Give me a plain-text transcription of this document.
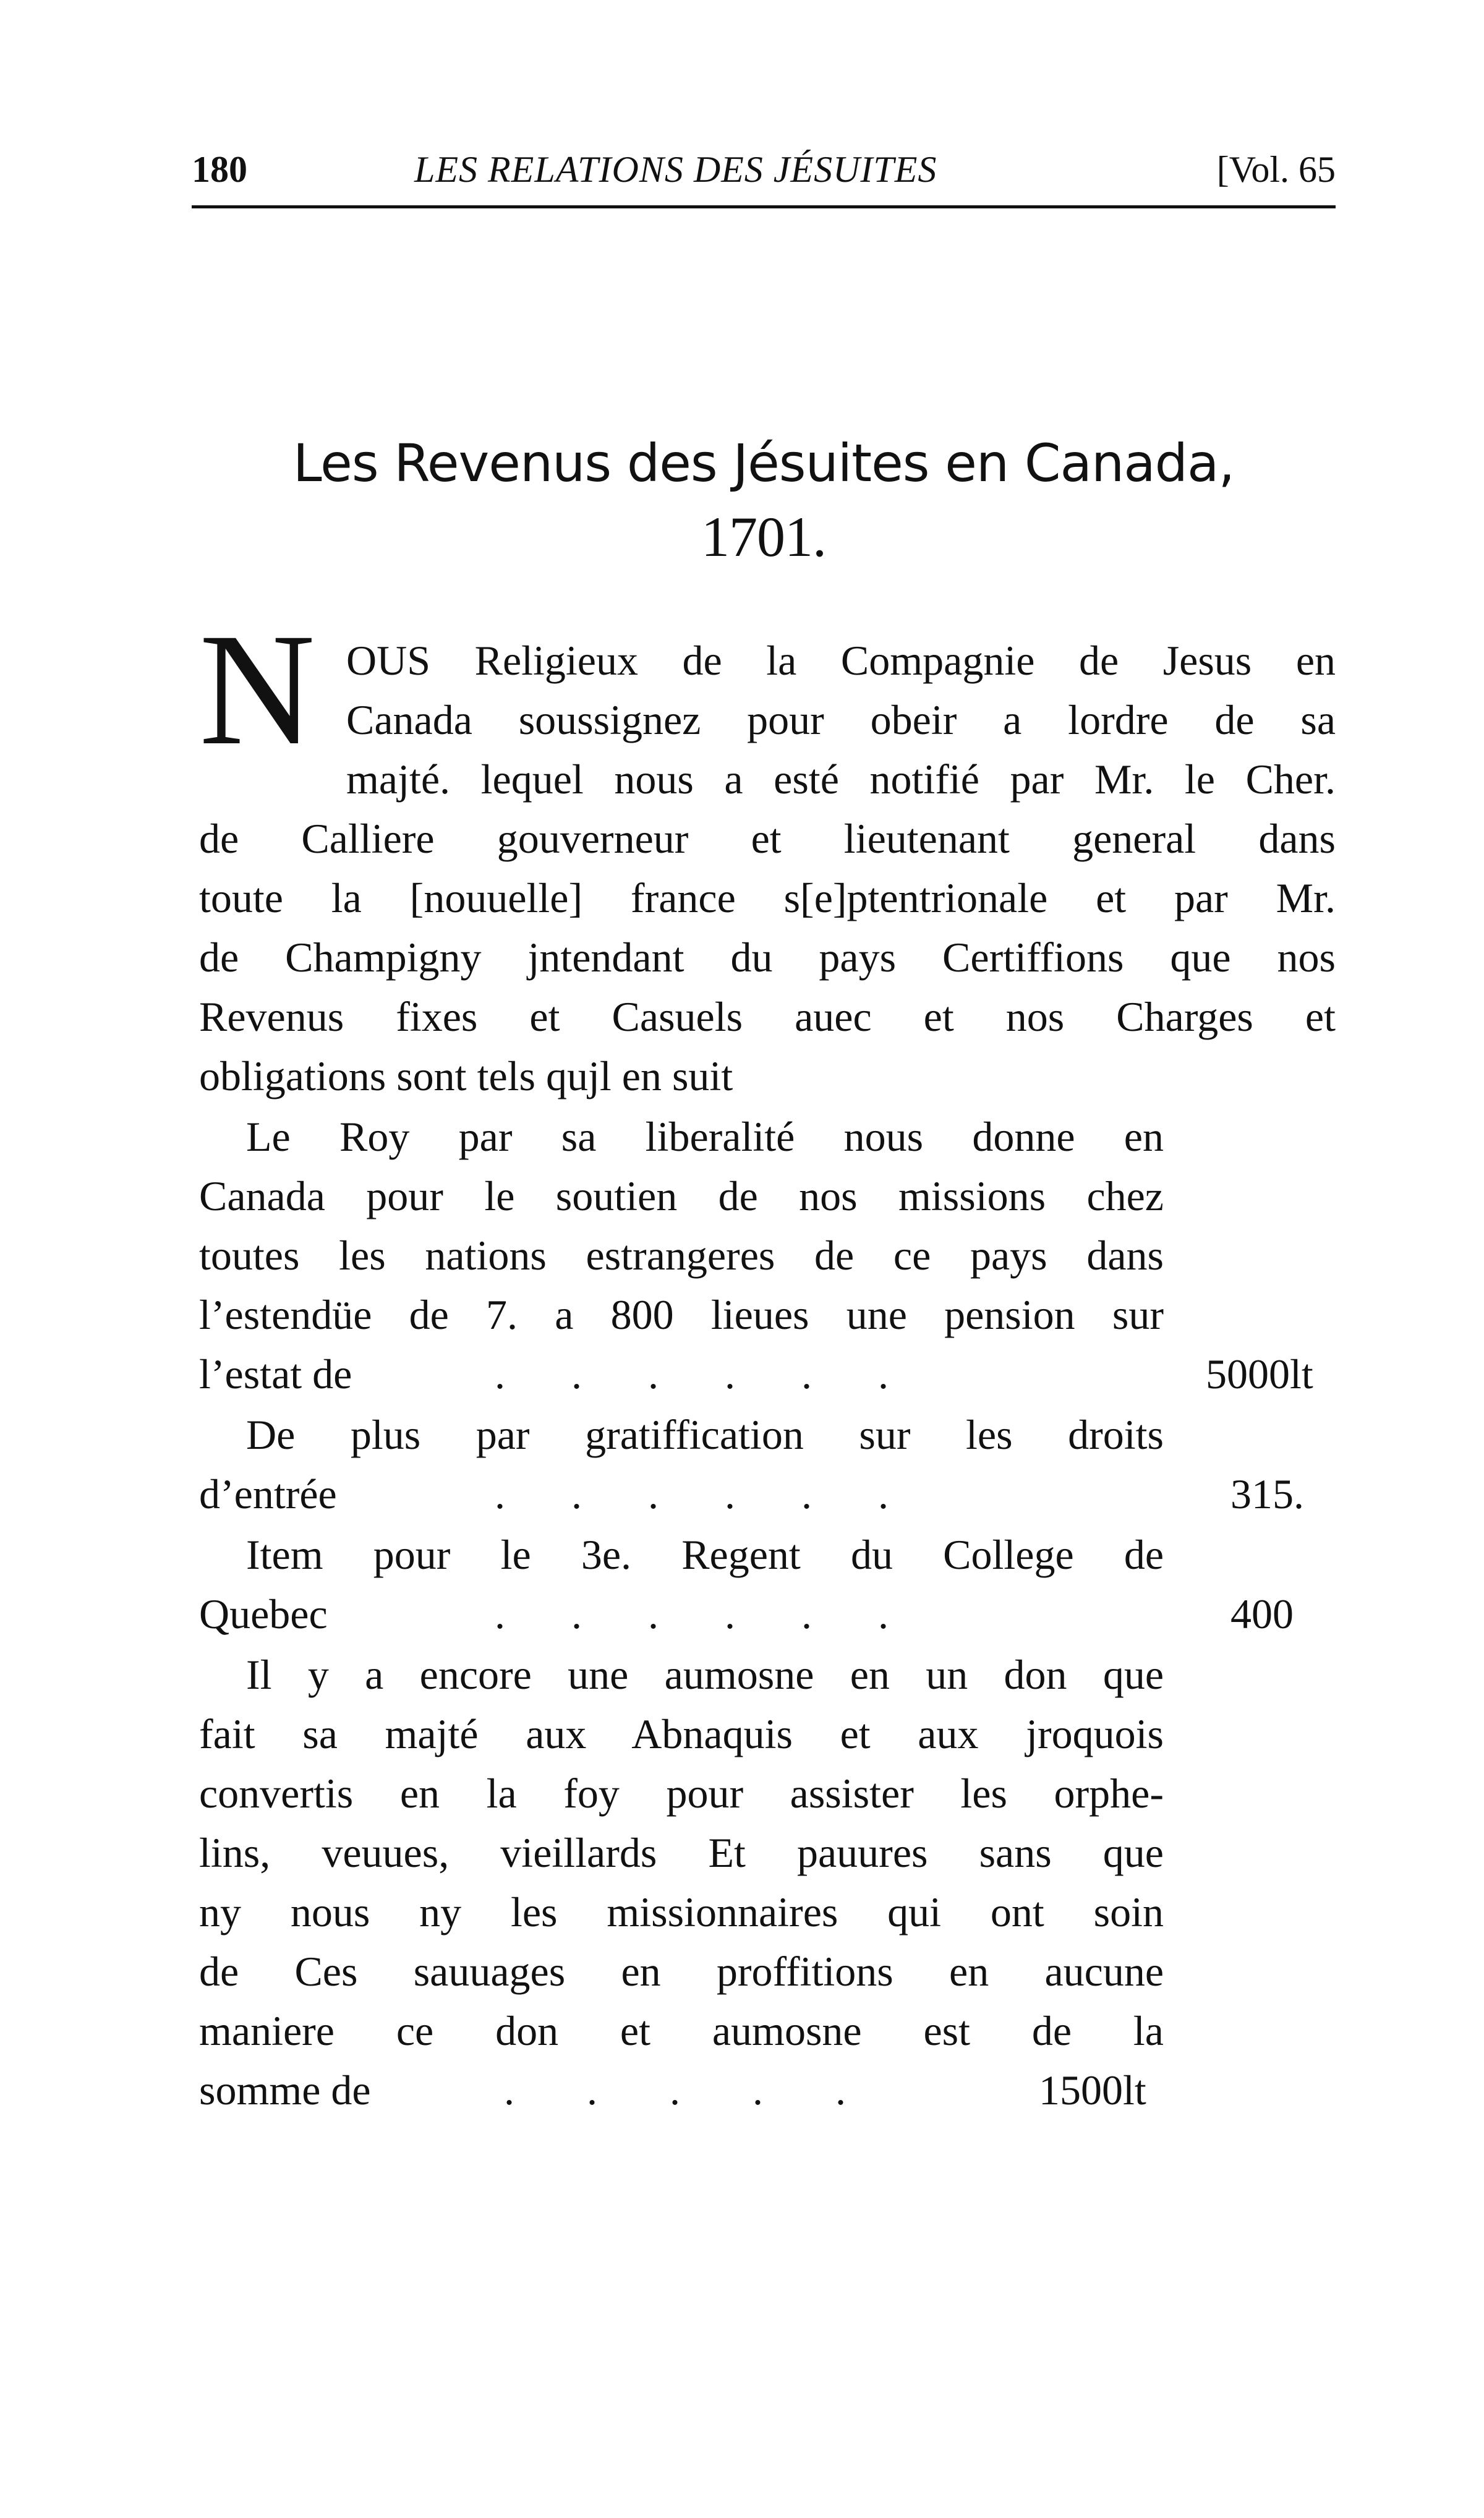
180	LES RELATIONS DES JÉSUITES	[Vol. 65
Les Revenus des Jésuites en Canada,
1701.
N OUS Religieux de la Compagnie de Jesus en
Canada soussignez pour obeir a lordre de sa
majté. lequel nous a esté notifié par Mr. le Cher.
de Calliere gouverneur et lieutenant general dans
toute la [nouuelle] france s[e]ptentrionale et par Mr.
de Champigny jntendant du pays Certiffions que nos
Revenus fixes et Casuels auec et nos Charges et
obligations sont tels qujl en suit
Le Roy par sa liberalité nous donne en
Canada pour le soutien de nos missions chez
toutes les nations estrangeres de ce pays dans
l’estendüe de 7. a 800 lieues une pension sur
l’estat de	. . . . . .	5000lt
De plus par gratiffication sur les droits
d’entrée	. . . . . .	315.
Item pour le 3e. Regent du College de
Quebec	. . . . . .	400
Il y a encore une aumosne en un don que
fait sa majté aux Abnaquis et aux jroquois
convertis en la foy pour assister les orphe-
lins, veuues, vieillards Et pauures sans que
ny nous ny les missionnaires qui ont soin
de Ces sauuages en proffitions en aucune
maniere ce don et aumosne est de la
somme de	. . . . .	1500lt
